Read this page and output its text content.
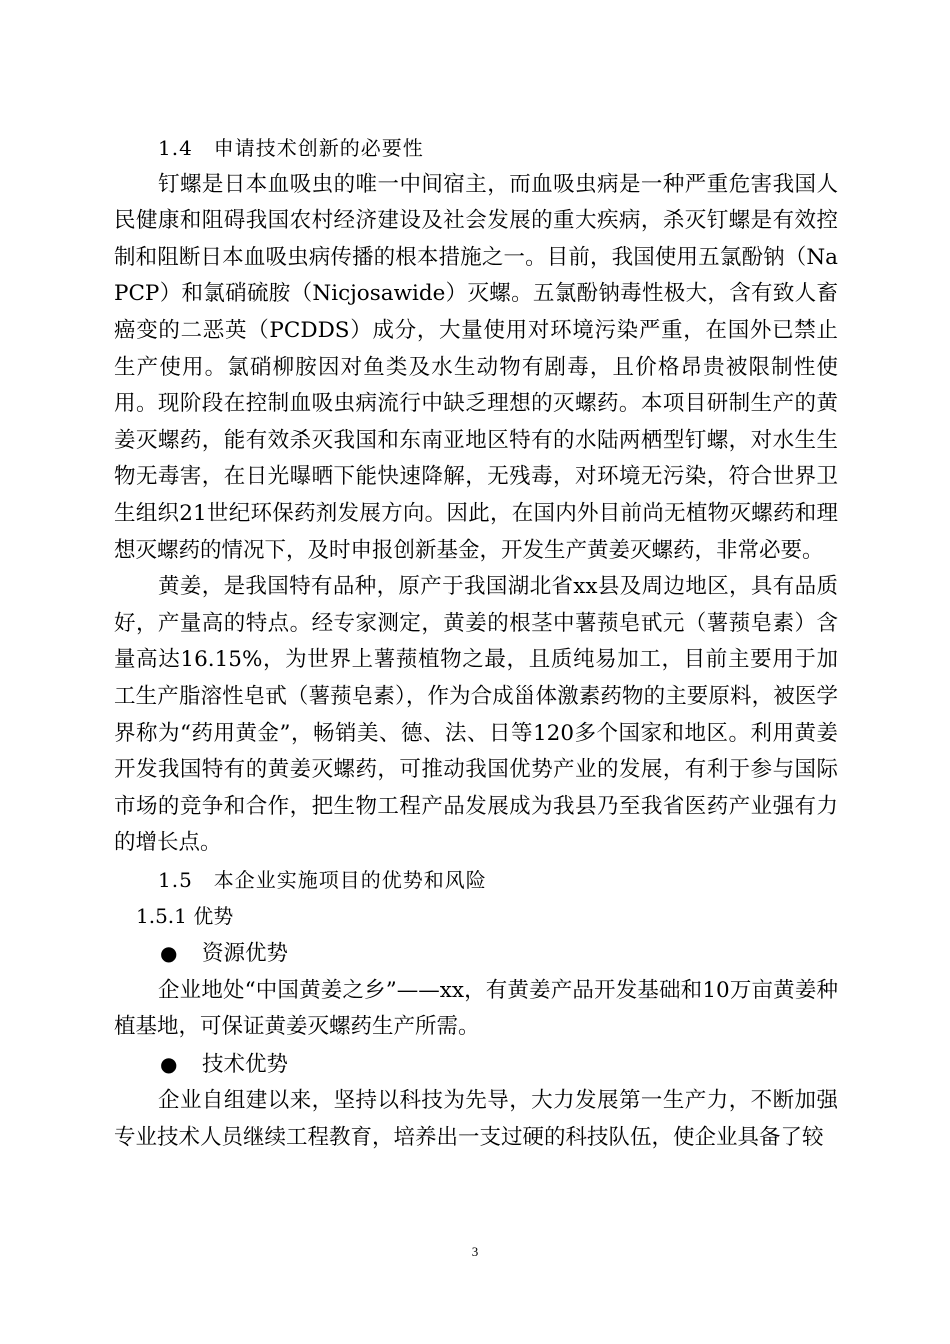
1.4　申请技术创新的必要性

钉螺是日本血吸虫的唯一中间宿主，而血吸虫病是一种严重危害我国人民健康和阻碍我国农村经济建设及社会发展的重大疾病，杀灭钉螺是有效控制和阻断日本血吸虫病传播的根本措施之一。目前，我国使用五氯酚钠（NaPCP）和氯硝硫胺（Nicjosawide）灭螺。五氯酚钠毒性极大，含有致人畜癌变的二恶英（PCDDS）成分，大量使用对环境污染严重，在国外已禁止生产使用。氯硝柳胺因对鱼类及水生动物有剧毒，且价格昂贵被限制性使用。现阶段在控制血吸虫病流行中缺乏理想的灭螺药。本项目研制生产的黄姜灭螺药，能有效杀灭我国和东南亚地区特有的水陆两栖型钉螺，对水生生物无毒害，在日光曝晒下能快速降解，无残毒，对环境无污染，符合世界卫生组织21世纪环保药剂发展方向。因此，在国内外目前尚无植物灭螺药和理想灭螺药的情况下，及时申报创新基金，开发生产黄姜灭螺药，非常必要。

黄姜，是我国特有品种，原产于我国湖北省xx县及周边地区，具有品质好，产量高的特点。经专家测定，黄姜的根茎中薯蓣皂甙元（薯蓣皂素）含量高达16.15%，为世界上薯蓣植物之最，且质纯易加工，目前主要用于加工生产脂溶性皂甙（薯蓣皂素），作为合成甾体激素药物的主要原料，被医学界称为“药用黄金”，畅销美、德、法、日等120多个国家和地区。利用黄姜开发我国特有的黄姜灭螺药，可推动我国优势产业的发展，有利于参与国际市场的竞争和合作，把生物工程产品发展成为我县乃至我省医药产业强有力的增长点。

1.5　本企业实施项目的优势和风险

1.5.1 优势

● 资源优势

企业地处“中国黄姜之乡”——xx，有黄姜产品开发基础和10万亩黄姜种植基地，可保证黄姜灭螺药生产所需。

● 技术优势

企业自组建以来，坚持以科技为先导，大力发展第一生产力，不断加强专业技术人员继续工程教育，培养出一支过硬的科技队伍，使企业具备了较

3
